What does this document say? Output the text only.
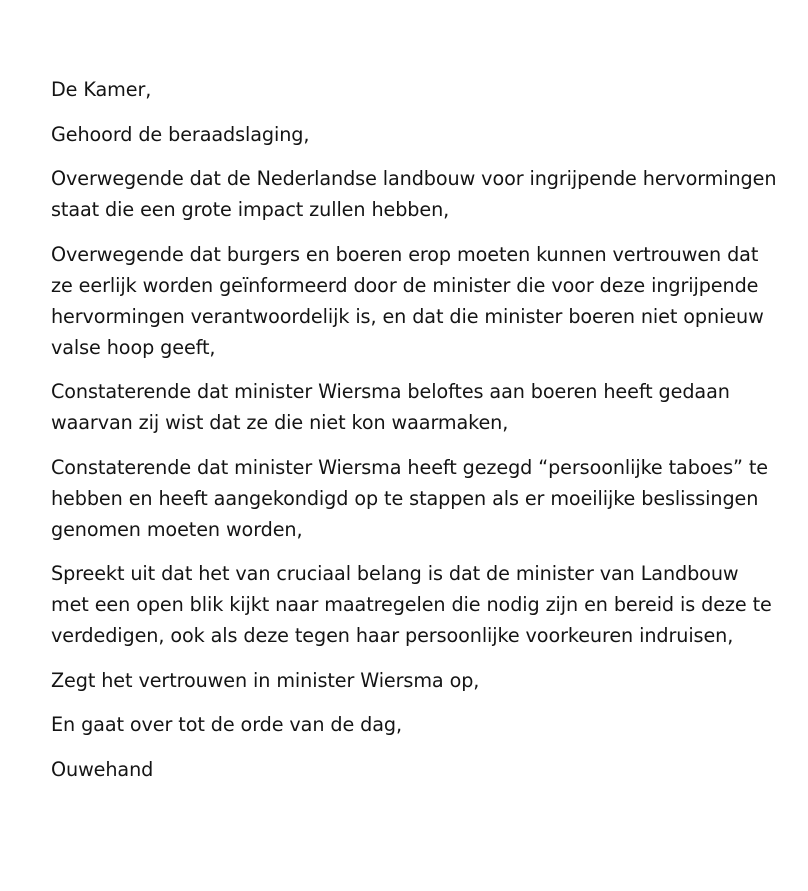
De Kamer,

Gehoord de beraadslaging,

Overwegende dat de Nederlandse landbouw voor ingrijpende hervormingen staat die een grote impact zullen hebben,

Overwegende dat burgers en boeren erop moeten kunnen vertrouwen dat ze eerlijk worden geïnformeerd door de minister die voor deze ingrijpende hervormingen verantwoordelijk is, en dat die minister boeren niet opnieuw valse hoop geeft,

Constaterende dat minister Wiersma beloftes aan boeren heeft gedaan waarvan zij wist dat ze die niet kon waarmaken,

Constaterende dat minister Wiersma heeft gezegd “persoonlijke taboes” te hebben en heeft aangekondigd op te stappen als er moeilijke beslissingen genomen moeten worden,

Spreekt uit dat het van cruciaal belang is dat de minister van Landbouw met een open blik kijkt naar maatregelen die nodig zijn en bereid is deze te verdedigen, ook als deze tegen haar persoonlijke voorkeuren indruisen,

Zegt het vertrouwen in minister Wiersma op,

En gaat over tot de orde van de dag,

Ouwehand
